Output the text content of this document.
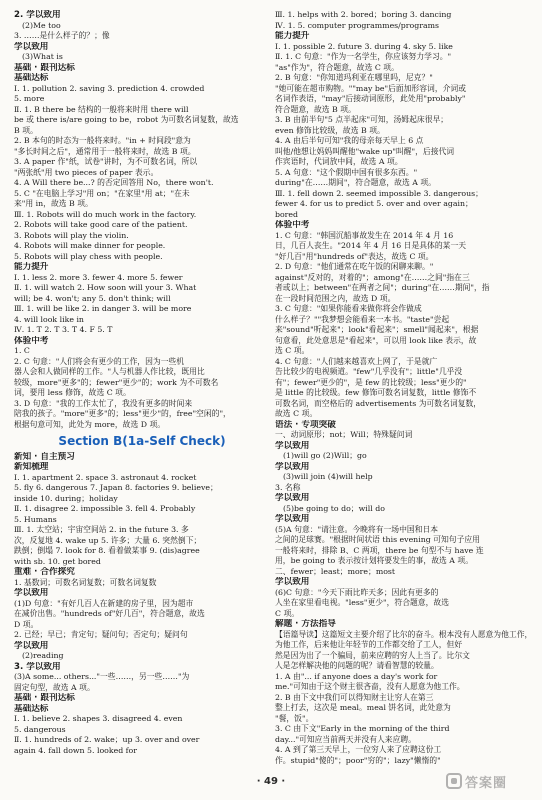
2. 学以致用
(2)Me too
3. ……是什么样子的？；像
学以致用
(3)What is
基础 · 跟刊达标
基础达标
Ⅰ. 1. pollution 2. saving 3. prediction 4. crowded
5. more
Ⅱ. 1. B there be 结构的一般将来时用 there will
be 或 there is/are going to be，robot 为可数名词复数，故选
B 项。
2. B 本句的时态为一般将来时。"in + 时间段"意为
"多长时间之后"，通常用于一般将来时，故选 B 项。
3. A paper 作"纸，试卷"讲时，为不可数名词，所以
"两张纸"用 two pieces of paper 表示。
4. A Will there be...? 的否定回答用 No，there won't.
5. C "在电脑上学习"用 on；"在家里"用 at；"在未
来"用 in，故选 B 项。
Ⅲ. 1. Robots will do much work in the factory.
2. Robots will take good care of the patient.
3. Robots will play the violin.
4. Robots will make dinner for people.
5. Robots will play chess with people.
能力提升
Ⅰ. 1. less 2. more 3. fewer 4. more 5. fewer
Ⅱ. 1. will watch 2. How soon will your 3. What
will; be 4. won't; any 5. don't think; will
Ⅲ. 1. will be like 2. in danger 3. will be more
4. will look like in
Ⅳ. 1. T 2. T 3. T 4. F 5. T
体验中考
1. C
2. C 句意："人们将会有更少的工作，因为一些机
器人会和人做同样的工作。"人与机器人作比较，既用比
较级，more"更多"的；fewer"更少"的；work 为不可数名
词，要用 less 修饰，故选 C 项。
3. D 句意："我的工作太忙了，我没有更多的时间来
陪我的孩子。"more"更多"的；less"更少"的，free"空闲的"，
根据句意可知，此处为 more，故选 D 项。
Section B(1a-Self Check)
新知 · 自主预习
新知梳理
Ⅰ. 1. apartment 2. space 3. astronaut 4. rocket
5. fly 6. dangerous 7. Japan 8. factories 9. believe；
inside 10. during；holiday
Ⅱ. 1. disagree 2. impossible 3. fell 4. Probably
5. Humans
Ⅲ. 1. 太空站；宇宙空间站 2. in the future 3. 多
次，反复地 4. wake up 5. 许多；大量 6. 突然倒下；
跌倒；倒塌 7. look for 8. 看着做某事 9. (dis)agree
with sb. 10. get bored
重难 · 合作探究
1. 基数词；可数名词复数；可数名词复数
学以致用
(1)D 句意："有好几百人在新建的房子里，因为超市
在减价出售。"hundreds of"好几百"，符合题意，故选
D 项。
2. 已经；早已；肯定句；疑问句；否定句；疑问句
学以致用
(2)reading
3. 学以致用
(3)A some... others..."一些……，另一些……"为
固定句型，故选 A 项。
基础 · 跟刊达标
基础达标
Ⅰ. 1. believe 2. shapes 3. disagreed 4. even
5. dangerous
Ⅱ. 1. hundreds of 2. wake；up 3. over and over
again 4. fall down 5. looked for
Ⅲ. 1. helps with 2. bored；boring 3. dancing
Ⅳ. 1. 5. computer programmes/programs
能力提升
Ⅰ. 1. possible 2. future 3. during 4. sky 5. like
Ⅱ. 1. C 句意："作为一名学生，你应该努力学习。"
"as"作为"，符合题意，故选 C 项。
2. B 句意："你知道玛利亚在哪里吗，尼克？"
"她可能在超市购物。""may be"后面加形容词，介词或
名词作表语，"may"后接动词原形，此处用"probably"
符合题意，故选 B 项。
3. B 由前半句"5 点半起床"可知，汤姆起床很早；
even 修饰比较级，故选 B 项。
4. A 由后半句可知"我的母亲每天早上 6 点
叫他/他想让妈妈叫醒他"wake up"叫醒"，后接代词
作宾语时，代词放中间，故选 A 项。
5. A 句意："这个假期中国有很多东西。"
during"在……期间"，符合题意，故选 A 项。
Ⅲ. 1. fell down 2. seemed impossible 3. dangerous；
fewer 4. for us to predict 5. over and over again；
bored
体验中考
1. C 句意："韩国沉船事故发生在 2014 年 4 月 16
日，几百人丧生。"2014 年 4 月 16 日是具体的某一天
"好几百"用"hundreds of"表达，故选 C 项。
2. D 句意："他们通常在吃午饭的闲聊来聊。"
against"反对的，对着的"；among"在……之间"指在三
者或以上；between"在两者之间"；during"在……期间"，指
在一段时间范围之内，故选 D 项。
3. C 句意："如果你能看来做你将会作做成
什么样子？""我梦想会能看来一本书。"taste"尝起
来"sound"听起来"；look"看起来"；smell"闻起来"，根据
句意看，此处意思是"看起来"，可以用 look like 表示，故
选 C 项。
4. C 句意："人们越来越喜欢上网了，于是就广
告比较少的电视频道。"few"几乎没有"；little"几乎没
有"；fewer"更少的"，是 few 的比较级；less"更少的"
是 little 的比较级。few 修饰可数名词复数，little 修饰不
可数名词，而空格后的 advertisements 为可数名词复数，
故选 C 项。
语法 · 专项突破
一、动词原形；not；Will；特殊疑问词
学以致用
(1)will go (2)Will；go
学以致用
(3)will join (4)will help
3. 名称
学以致用
(5)be going to do；will do
学以致用
(5)A 句意："请注意。今晚将有一场中国和日本
之间的足球赛。"根据时间状语 this evening 可知句子应用
一般将来时，排除 B、C 两项，there be 句型不与 have 连
用，be going to 表示按计划将要发生的事，故选 A 项。
二、fewer；least；more；most
学以致用
(6)C 句意："今天下雨比昨天多；因此有更多的
人坐在家里看电视。"less"更少"，符合题意，故选
C 项。
解题 · 方法指导
【语篇导读】这篇短文主要介绍了比尔的奋斗。根本没有人愿意为他工作，
为他工作，后来他让年轻节的工作都交给了工人，但好
然是因为出了一个骗局，前来应聘的穷人上当了。比尔文
人是怎样解决他的问题的呢？请看智慧的较量。
1. A 由"... if anyone does a day's work for
me."可知由于这个财主很吝啬，没有人愿意为他工作。
2. B 由下文中我们可以得知财主让穷人在第三
整上打去，这次是 meal。meal 饼名词，此处意为
"餐，饭"。
3. C 由下文"Early in the morning of the third
day..."可知应当前两天并没有人来应聘。
4. A 到了第三天早上，一位穷人来了应聘这份工
作。stupid"傻的"；poor"穷的"；lazy"懒惰的"
· 49 ·	答案圈
